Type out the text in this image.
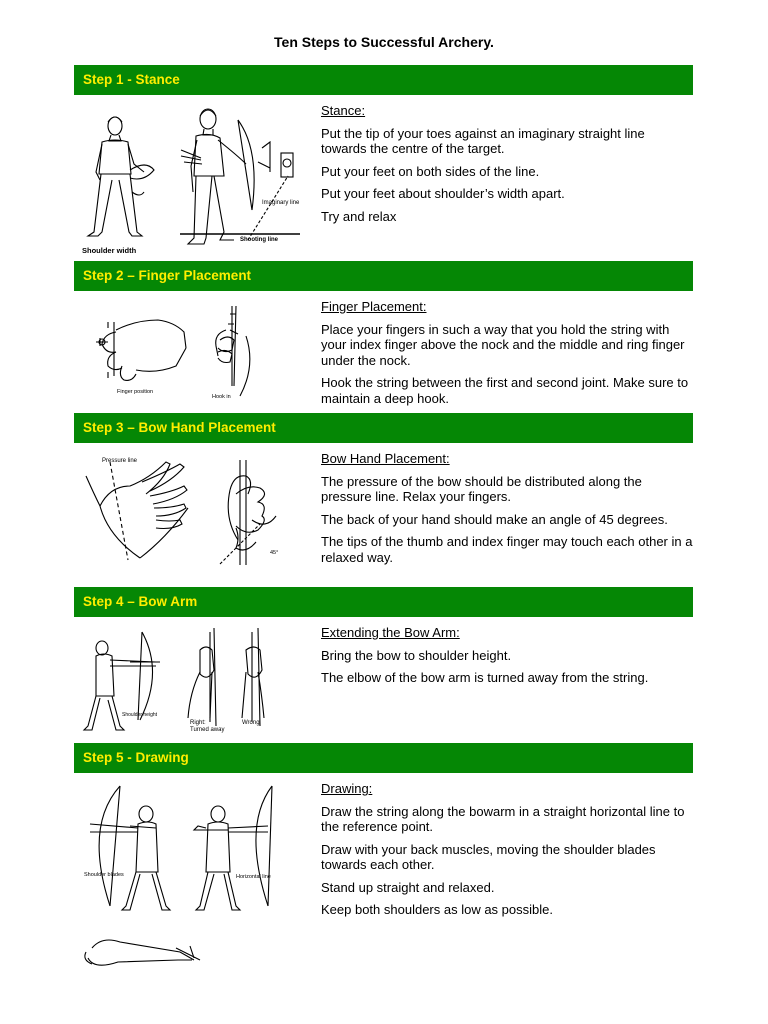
Ten Steps to Successful Archery.
Step 1 - Stance
Shoulder width
Imaginary line
Shooting line
Stance:

Put the tip of your toes against an imaginary straight line towards the centre of the target.

Put your feet on both sides of the line.

Put your feet about shoulder’s width apart.

Try and relax

Step 2 – Finger Placement
Finger position
Hook in
Finger Placement:

Place your fingers in such a way that you hold the string with your index finger above the nock and the middle and ring finger under the nock.

Hook the string between the first and second joint. Make sure to maintain a deep hook.

Step 3 – Bow Hand Placement
Pressure line
45°
Bow Hand Placement:

The pressure of the bow should be distributed along the pressure line. Relax your fingers.

The back of your hand should make an angle of 45 degrees.

The tips of the thumb and index finger may touch each other in a relaxed way.

Step 4 – Bow Arm
Shoulder height
Right:
Turned away
Wrong
Extending the Bow Arm:

Bring the bow to shoulder height.

The elbow of the bow arm is turned away from the string.

Step 5 - Drawing
Shoulder blades	Horizontal line
Drawing:

Draw the string along the bowarm in a straight horizontal line to the reference point.

Draw with your back muscles, moving the shoulder blades towards each other.

Stand up straight and relaxed.

Keep both shoulders as low as possible.
